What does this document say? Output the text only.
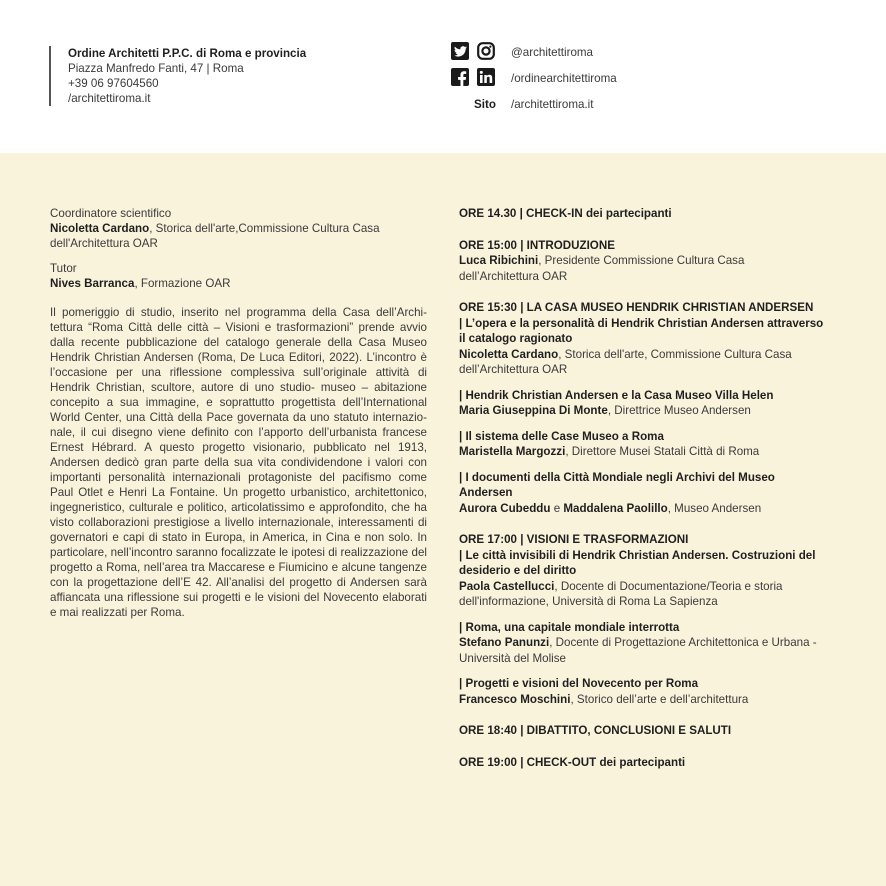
Ordine Architetti P.P.C. di Roma e provincia
Piazza Manfredo Fanti, 47 | Roma
+39 06 97604560
/architettiroma.it
@architettiroma
/ordinearchitettiroma
Sito /architettiroma.it
Coordinatore scientifico
Nicoletta Cardano, Storica dell'arte,Commissione Cultura Casa
dell'Architettura OAR
Tutor
Nives Barranca, Formazione OAR
Il pomeriggio di studio, inserito nel programma della Casa dell’Architettura “Roma Città delle città – Visioni e trasformazioni” prende avvio dalla recente pubblicazione del catalogo generale della Casa Museo Hendrik Christian Andersen (Roma, De Luca Editori, 2022). L’incontro è l’occasione per una riflessione complessiva sull’originale attività di Hendrik Christian, scultore, autore di uno studio- museo – abitazione concepito a sua immagine, e soprattutto progettista dell’International World Center, una Città della Pace governata da uno statuto internazionale, il cui disegno viene definito con l’apporto dell’urbanista francese Ernest Hébrard. A questo progetto visionario, pubblicato nel 1913, Andersen dedicò gran parte della sua vita condividendone i valori con importanti personalità internazionali protagoniste del pacifismo come Paul Otlet e Henri La Fontaine. Un progetto urbanistico, architettonico, ingegneristico, culturale e politico, articolatissimo e approfondito, che ha visto collaborazioni prestigiose a livello internazionale, interessamenti di governatori e capi di stato in Europa, in America, in Cina e non solo. In particolare, nell’incontro saranno focalizzate le ipotesi di realizzazione del progetto a Roma, nell’area tra Maccarese e Fiumicino e alcune tangenze con la progettazione dell’E 42. All’analisi del progetto di Andersen sarà affiancata una riflessione sui progetti e le visioni del Novecento elaborati e mai realizzati per Roma.
ORE 14.30 | CHECK-IN dei partecipanti
ORE 15:00 | INTRODUZIONE
Luca Ribichini, Presidente Commissione Cultura Casa
dell’Architettura OAR
ORE 15:30 | LA CASA MUSEO HENDRIK CHRISTIAN ANDERSEN
| L’opera e la personalità di Hendrik Christian Andersen attraverso
il catalogo ragionato
Nicoletta Cardano, Storica dell'arte, Commissione Cultura Casa
dell’Architettura OAR
| Hendrik Christian Andersen e la Casa Museo Villa Helen
Maria Giuseppina Di Monte, Direttrice Museo Andersen
| Il sistema delle Case Museo a Roma
Maristella Margozzi, Direttore Musei Statali Città di Roma
| I documenti della Città Mondiale negli Archivi del Museo
Andersen
Aurora Cubeddu e Maddalena Paolillo, Museo Andersen
ORE 17:00 | VISIONI E TRASFORMAZIONI
| Le città invisibili di Hendrik Christian Andersen. Costruzioni del
desiderio e del diritto
Paola Castellucci, Docente di Documentazione/Teoria e storia
dell'informazione, Università di Roma La Sapienza
| Roma, una capitale mondiale interrotta
Stefano Panunzi, Docente di Progettazione Architettonica e Urbana -
Università del Molise
| Progetti e visioni del Novecento per Roma
Francesco Moschini, Storico dell’arte e dell’architettura
ORE 18:40 | DIBATTITO, CONCLUSIONI E SALUTI
ORE 19:00 | CHECK-OUT dei partecipanti
